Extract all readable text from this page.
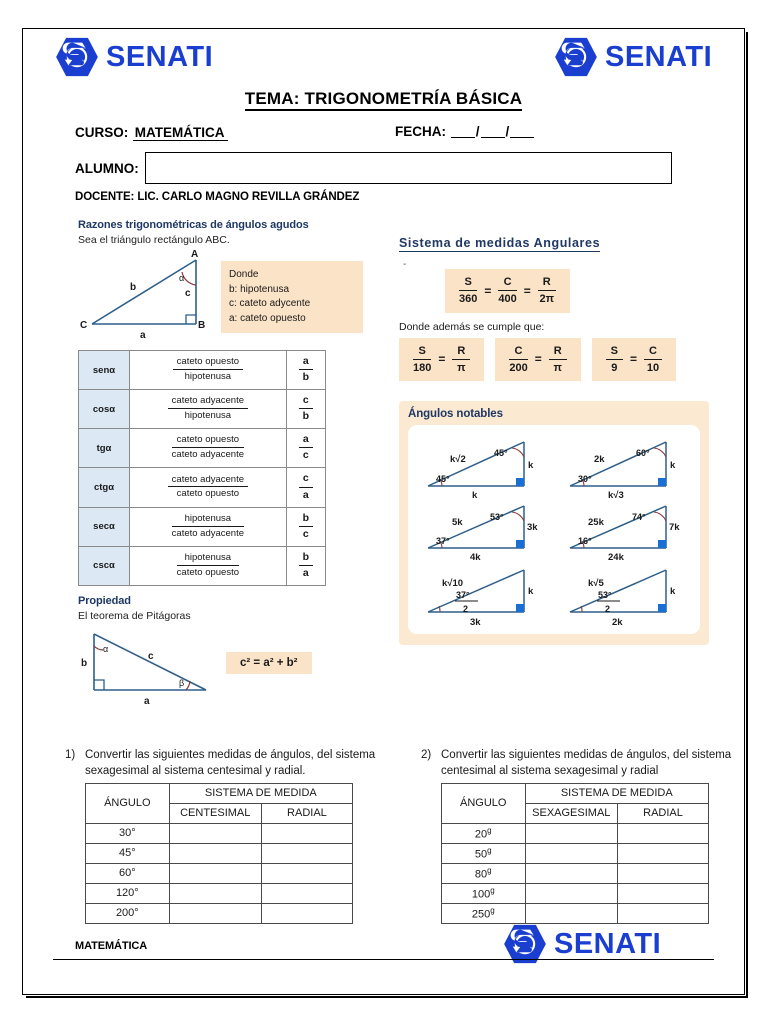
SENATI	SENATI
TEMA: TRIGONOMETRÍA BÁSICA
CURSO: MATEMÁTICA	FECHA: / /
ALUMNO:
DOCENTE: LIC. CARLO MAGNO REVILLA GRÁNDEZ
Razones trigonométricas de ángulos agudos
Sea el triángulo rectángulo ABC.
A
B
C
α
b
c
a
Donde
b: hipotenusa
c: cateto adycente
a: cateto opuesto
senα	$\frac{\text{cateto opuesto}}{\text{hipotenusa}}$	$\frac{a}{b}$

cosα	$\frac{\text{cateto adyacente}}{\text{hipotenusa}}$	$\frac{c}{b}$

tgα	$\frac{\text{cateto opuesto}}{\text{cateto adyacente}}$	$\frac{a}{c}$

ctgα	$\frac{\text{cateto adyacente}}{\text{cateto opuesto}}$	$\frac{c}{a}$

secα	$\frac{\text{hipotenusa}}{\text{cateto adyacente}}$	$\frac{b}{c}$

cscα	$\frac{\text{hipotenusa}}{\text{cateto opuesto}}$	$\frac{b}{a}$
Propiedad
El teorema de Pitágoras
α
β
b
c
a
c² = a² + b²
Sistema de medidas Angulares
-
$\frac{S}{360} = \frac{C}{400} = \frac{R}{2\pi}$
Donde además se cumple que:
$\frac{S}{180} = \frac{R}{\pi}$	$\frac{C}{200} = \frac{R}{\pi}$	$\frac{S}{9} = \frac{C}{10}$
Ángulos notables
k√2
45°
k
45°
k
2k
60°
k
30°
k√3
5k	53°
3k
37°
4k
25k	74°
7k
16°
24k
k√10
k
37°
2
3k
k√5
k
53°
2
2k
1) Convertir las siguientes medidas de ángulos, del sistema sexagesimal al sistema centesimal y radial.
ÁNGULO	SISTEMA DE MEDIDA	
	CENTESIMAL	RADIAL
30°		
45°		
60°		
120°		
200°		
2) Convertir las siguientes medidas de ángulos, del sistema centesimal al sistema sexagesimal y radial
ÁNGULO	SISTEMA DE MEDIDA	
	SEXAGESIMAL	RADIAL
20$^g$		
50$^g$		
80$^g$		
100$^g$		
250$^g$		
MATEMÁTICA	SENATI
